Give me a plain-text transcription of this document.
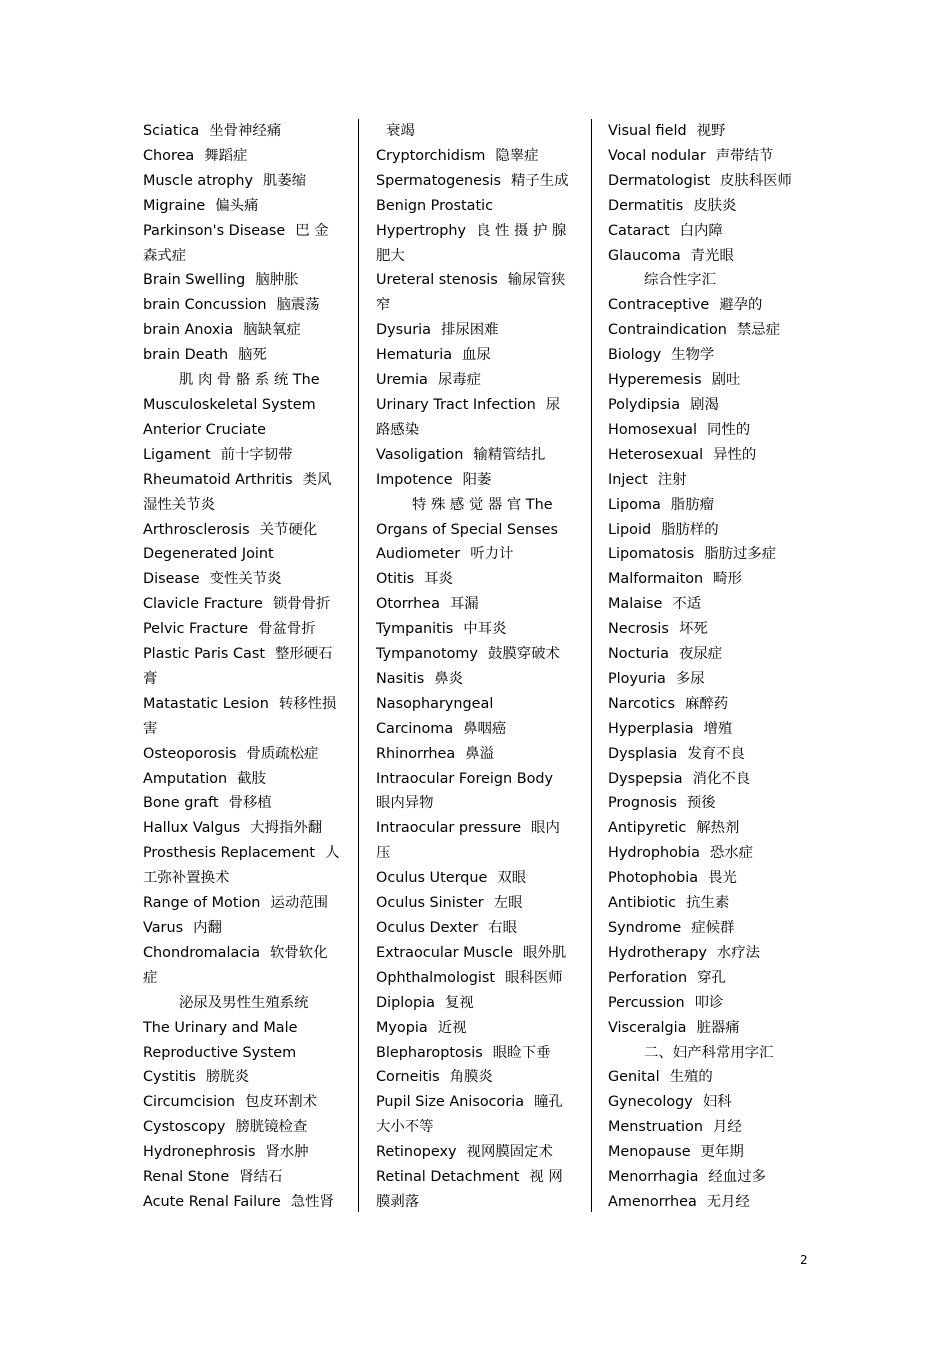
Sciatica 坐骨神经痛
Chorea 舞蹈症
Muscle atrophy 肌萎缩
Migraine 偏头痛
Parkinson's Disease 巴 金森式症
Brain Swelling 脑肿胀
brain Concussion 脑震荡
brain Anoxia 脑缺氧症
brain Death 脑死
肌 肉 骨 骼 系 统 The Musculoskeletal System
Anterior Cruciate Ligament 前十字韧带
Rheumatoid Arthritis 类风湿性关节炎
Arthrosclerosis 关节硬化
Degenerated Joint Disease 变性关节炎
Clavicle Fracture 锁骨骨折
Pelvic Fracture 骨盆骨折
Plastic Paris Cast 整形硬石膏
Matastatic Lesion 转移性损害
Osteoporosis 骨质疏松症
Amputation 截肢
Bone graft 骨移植
Hallux Valgus 大拇指外翻
Prosthesis Replacement 人工弥补置换术
Range of Motion 运动范围
Varus 内翻
Chondromalacia 软骨软化症
泌尿及男性生殖系统
The Urinary and Male Reproductive System
Cystitis 膀胱炎
Circumcision 包皮环割术
Cystoscopy 膀胱镜检查
Hydronephrosis 肾水肿
Renal Stone 肾结石
Acute Renal Failure 急性肾
衰竭
Cryptorchidism 隐睾症
Spermatogenesis 精子生成
Benign Prostatic
Hypertrophy 良 性 摄 护 腺 肥大
Ureteral stenosis 输尿管狭窄
Dysuria 排尿困难
Hematuria 血尿
Uremia 尿毒症
Urinary Tract Infection 尿路感染
Vasoligation 输精管结扎
Impotence 阳萎
特 殊 感 觉 器 官 The Organs of Special Senses
Audiometer 听力计
Otitis 耳炎
Otorrhea 耳漏
Tympanitis 中耳炎
Tympanotomy 鼓膜穿破术
Nasitis 鼻炎
Nasopharyngeal
Carcinoma 鼻咽癌
Rhinorrhea 鼻溢
Intraocular Foreign Body眼内异物
Intraocular pressure 眼内压
Oculus Uterque 双眼
Oculus Sinister 左眼
Oculus Dexter 右眼
Extraocular Muscle 眼外肌
Ophthalmologist 眼科医师
Diplopia 复视
Myopia 近视
Blepharoptosis 眼睑下垂
Corneitis 角膜炎
Pupil Size Anisocoria 瞳孔大小不等
Retinopexy 视网膜固定术
Retinal Detachment 视 网膜剥落
Visual field 视野
Vocal nodular 声带结节
Dermatologist 皮肤科医师
Dermatitis 皮肤炎
Cataract 白内障
Glaucoma 青光眼
综合性字汇
Contraceptive 避孕的
Contraindication 禁忌症
Biology 生物学
Hyperemesis 剧吐
Polydipsia 剧渴
Homosexual 同性的
Heterosexual 异性的
Inject 注射
Lipoma 脂肪瘤
Lipoid 脂肪样的
Lipomatosis 脂肪过多症
Malformaiton 畸形
Malaise 不适
Necrosis 坏死
Nocturia 夜尿症
Ployuria 多尿
Narcotics 麻醉药
Hyperplasia 增殖
Dysplasia 发育不良
Dyspepsia 消化不良
Prognosis 预後
Antipyretic 解热剂
Hydrophobia 恐水症
Photophobia 畏光
Antibiotic 抗生素
Syndrome 症候群
Hydrotherapy 水疗法
Perforation 穿孔
Percussion 叩诊
Visceralgia 脏器痛
二、妇产科常用字汇
Genital 生殖的
Gynecology 妇科
Menstruation 月经
Menopause 更年期
Menorrhagia 经血过多
Amenorrhea 无月经
2
